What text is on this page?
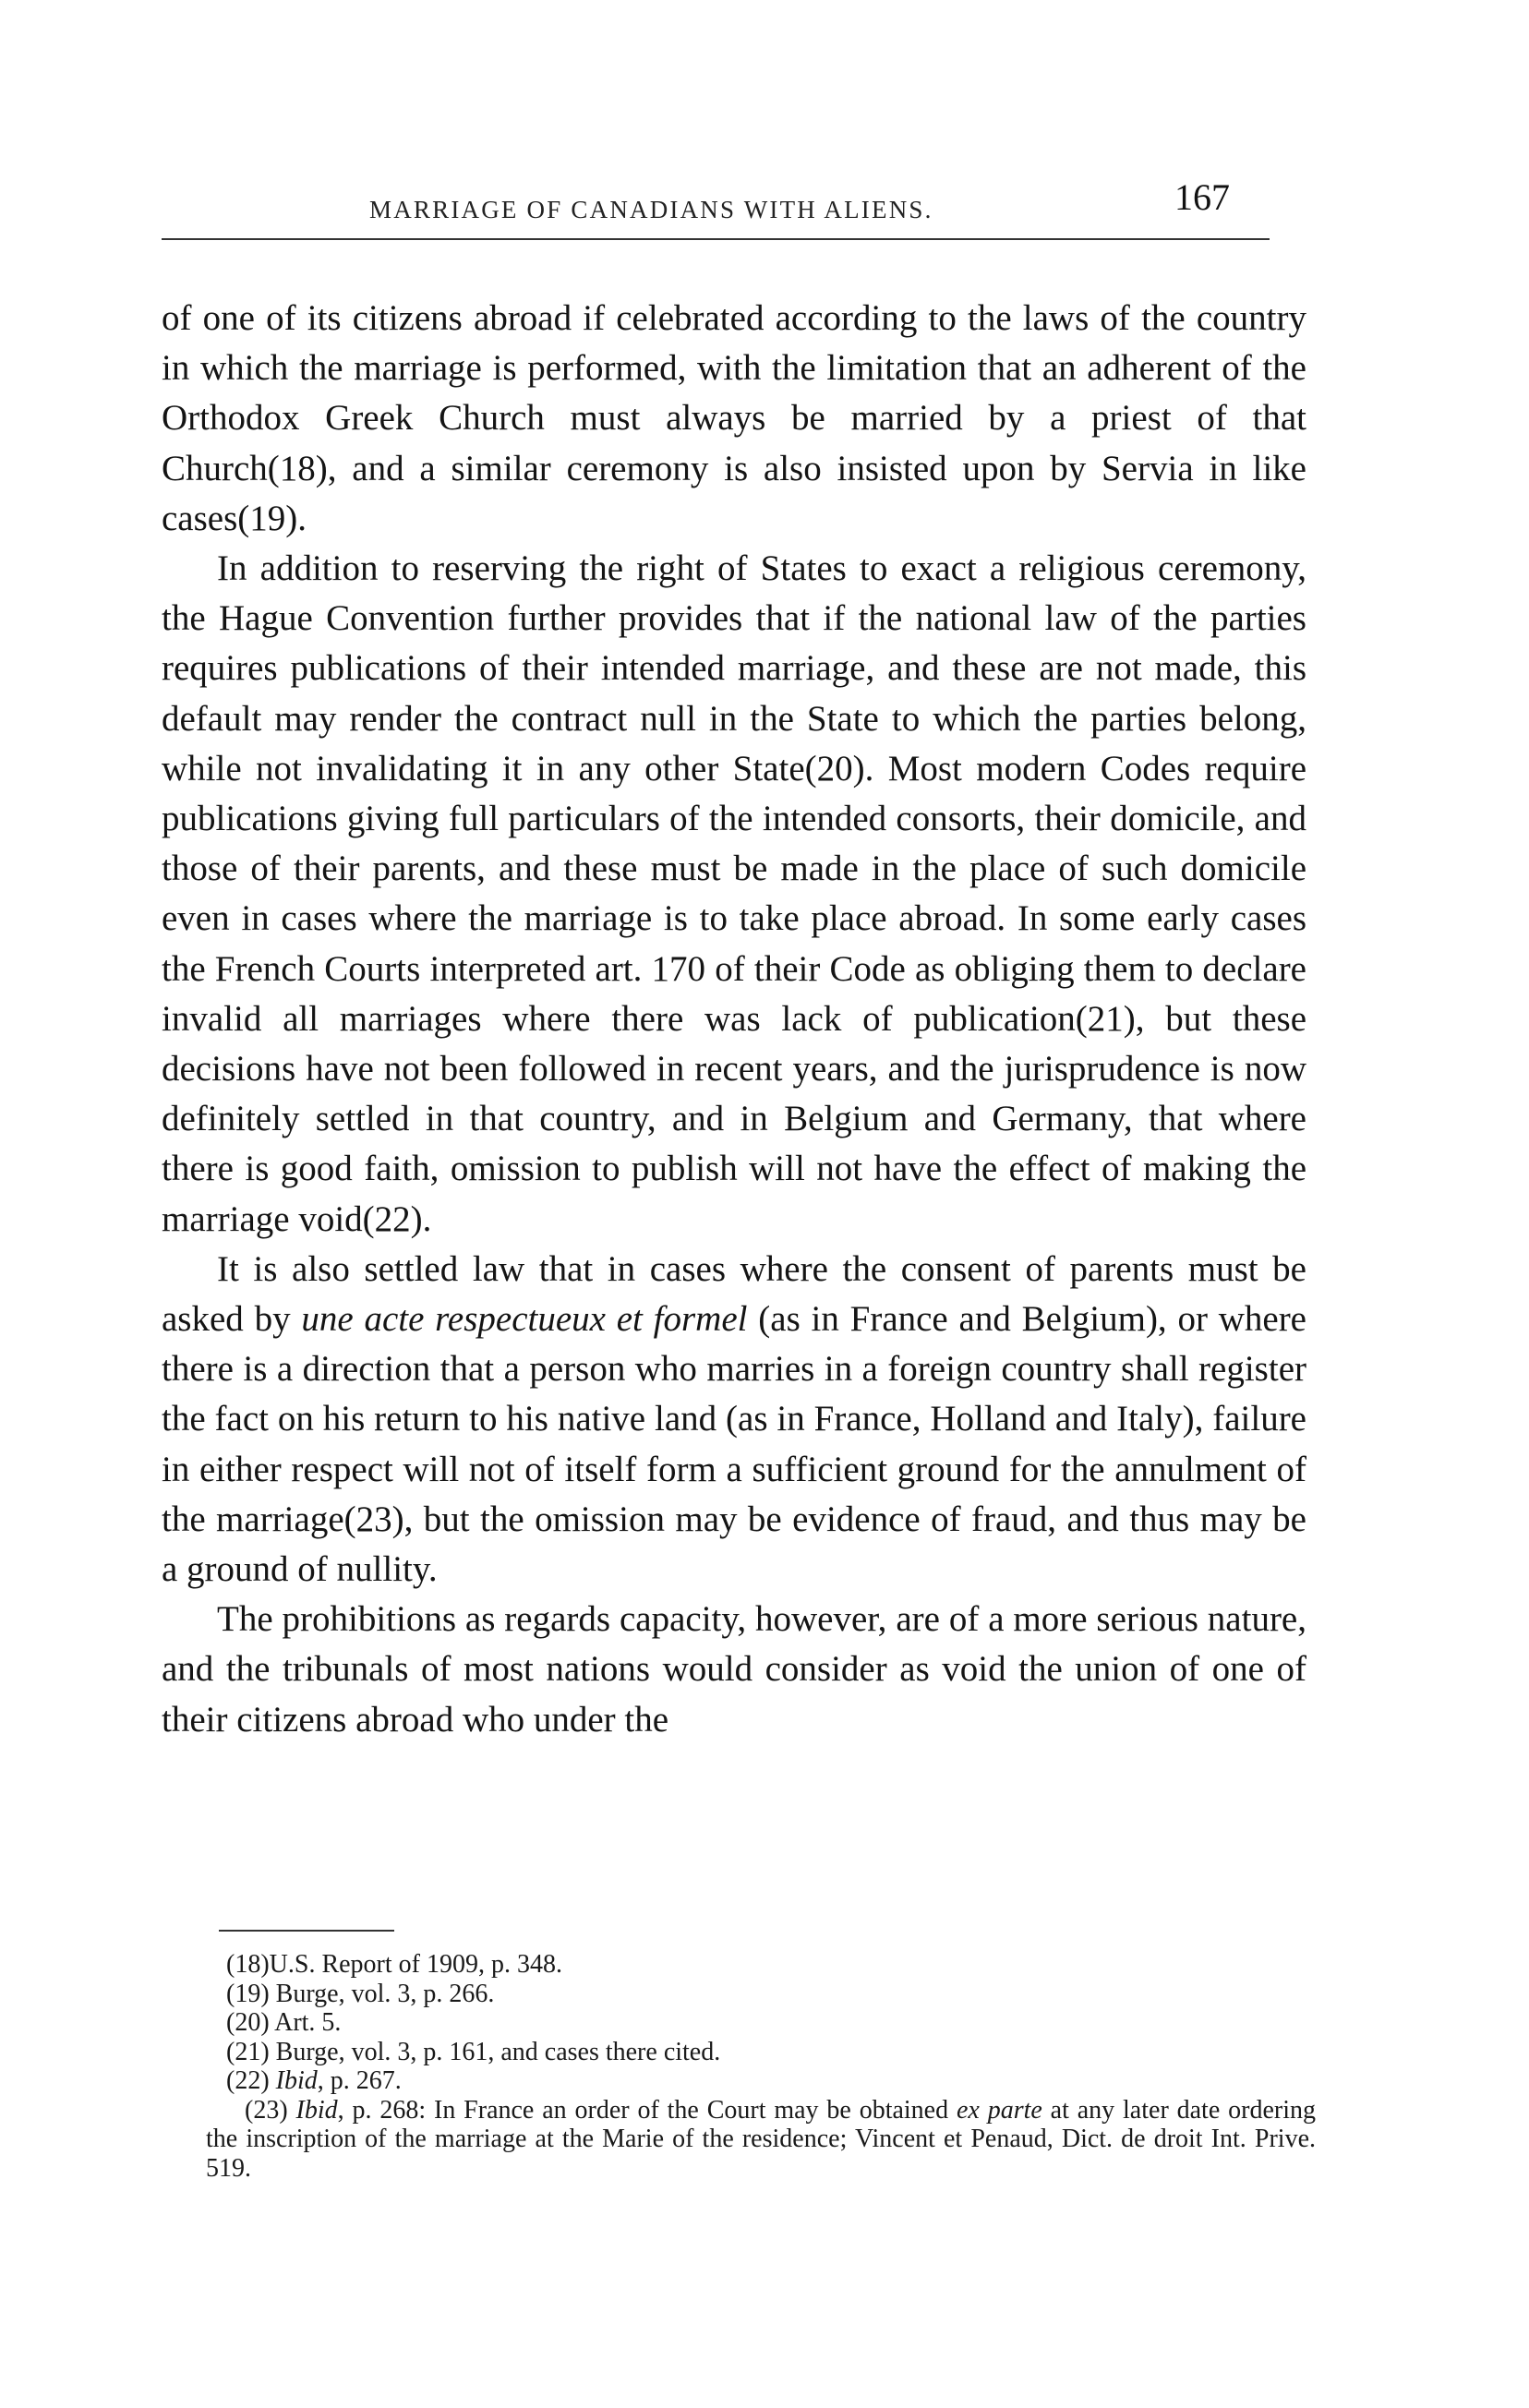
MARRIAGE OF CANADIANS WITH ALIENS.	167

of one of its citizens abroad if celebrated according to the laws of the country in which the marriage is performed, with the limitation that an adherent of the Orthodox Greek Church must always be married by a priest of that Church(18), and a similar ceremony is also insisted upon by Servia in like cases(19).

In addition to reserving the right of States to exact a religious ceremony, the Hague Convention further provides that if the national law of the parties requires publications of their intended marriage, and these are not made, this default may render the contract null in the State to which the parties belong, while not invalidating it in any other State(20). Most modern Codes require publications giving full particulars of the intended consorts, their domicile, and those of their parents, and these must be made in the place of such domicile even in cases where the marriage is to take place abroad. In some early cases the French Courts interpreted art. 170 of their Code as obliging them to declare invalid all marriages where there was lack of publication(21), but these decisions have not been followed in recent years, and the jurisprudence is now definitely settled in that country, and in Belgium and Germany, that where there is good faith, omission to publish will not have the effect of making the marriage void(22).

It is also settled law that in cases where the consent of parents must be asked by une acte respectueux et formel (as in France and Belgium), or where there is a direction that a person who marries in a foreign country shall register the fact on his return to his native land (as in France, Holland and Italy), failure in either respect will not of itself form a sufficient ground for the annulment of the marriage(23), but the omission may be evidence of fraud, and thus may be a ground of nullity.

The prohibitions as regards capacity, however, are of a more serious nature, and the tribunals of most nations would consider as void the union of one of their citizens abroad who under the

(18)U.S. Report of 1909, p. 348.

(19) Burge, vol. 3, p. 266.

(20) Art. 5.

(21) Burge, vol. 3, p. 161, and cases there cited.

(22) Ibid, p. 267.

(23) Ibid, p. 268: In France an order of the Court may be obtained ex parte at any later date ordering the inscription of the marriage at the Marie of the residence; Vincent et Penaud, Dict. de droit Int. Prive. 519.
